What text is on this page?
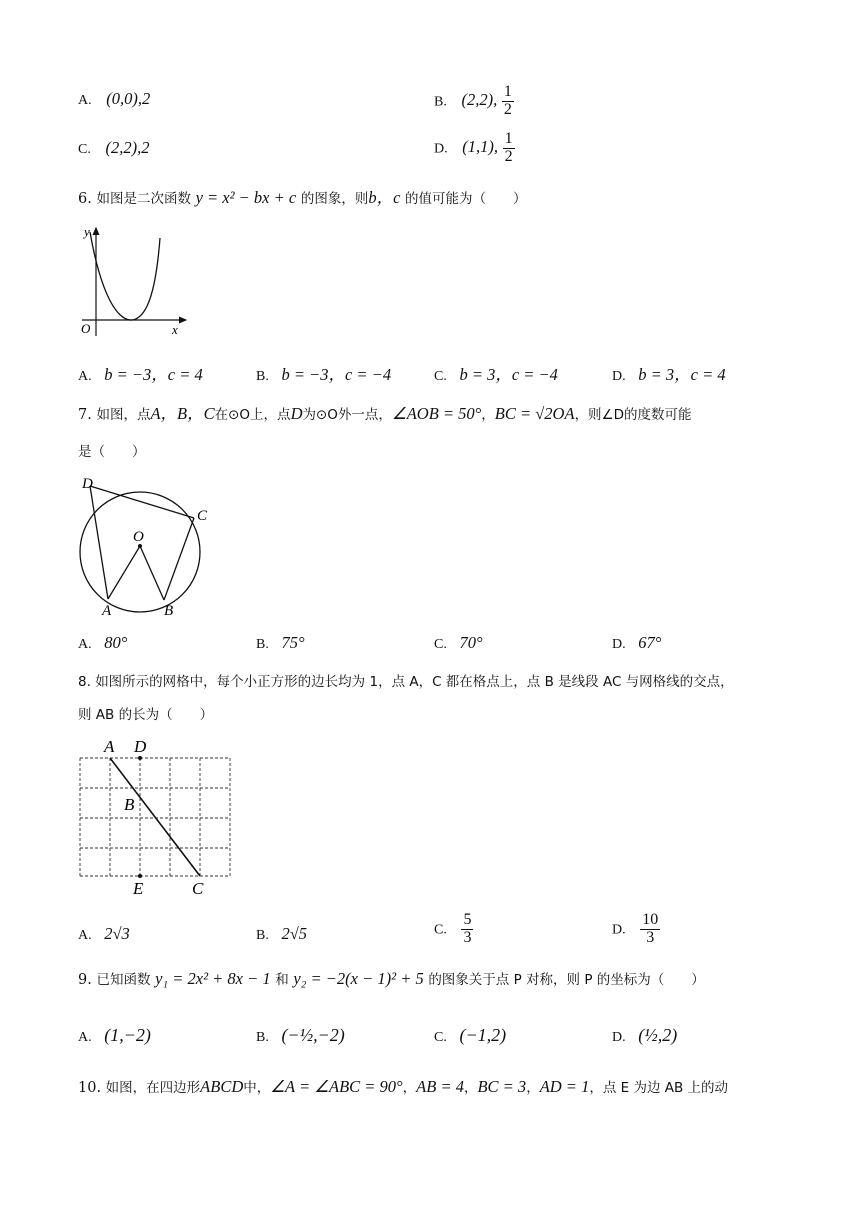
A. (0,0),2	B. (2,2), $\frac{1}{2}$
C. (2,2),2	D. (1,1), $\frac{1}{2}$
6. 如图是二次函数 y = x² − bx + c 的图象，则b，c 的值可能为（　　）
y
x
O
A. b = −3，c = 4	B. b = −3，c = −4	C. b = 3，c = −4	D. b = 3，c = 4
7. 如图，点A，B，C在⊙O上，点D为⊙O外一点，∠AOB = 50°，BC = √2OA，则∠D的度数可能
是（　　）
D
C
O
A	B
A. 80°	B. 75°	C. 70°	D. 67°
8. 如图所示的网格中，每个小正方形的边长均为 1，点 A，C 都在格点上，点 B 是线段 AC 与网格线的交点，
则 AB 的长为（　　）
A D
B
E	C
A. 2√3	B. 2√5	C. $\frac{5}{3}$	D. $\frac{10}{3}$
9. 已知函数 y₁ = 2x² + 8x − 1 和 y₂ = −2(x − 1)² + 5 的图象关于点 P 对称，则 P 的坐标为（　　）
A. (1,−2)	B. (−½,−2)	C. (−1,2)	D. (½,2)
10. 如图，在四边形ABCD中，∠A = ∠ABC = 90°，AB = 4，BC = 3，AD = 1，点 E 为边 AB 上的动
